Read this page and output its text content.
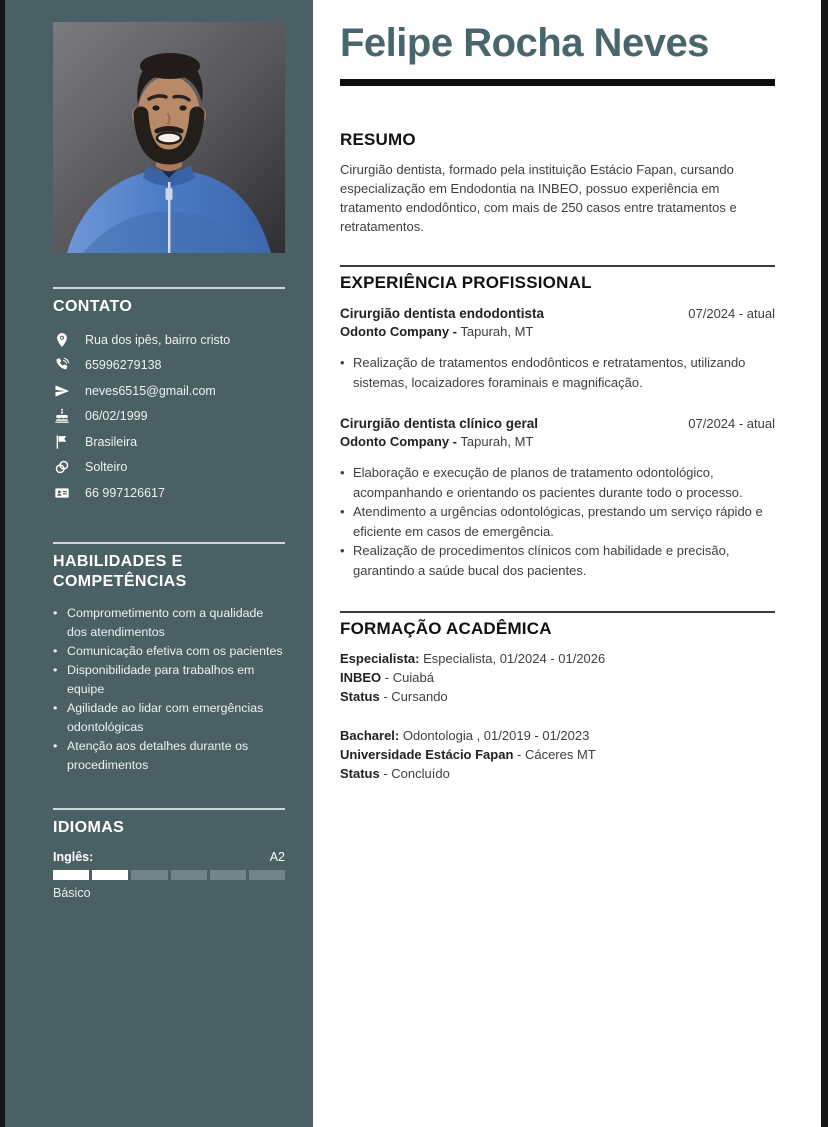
CONTATO
Rua dos ipês, bairro cristo
65996279138
neves6515@gmail.com
06/02/1999
Brasileira
Solteiro
66 997126617
HABILIDADES E COMPETÊNCIAS
• Comprometimento com a qualidade dos atendimentos
• Comunicação efetiva com os pacientes
• Disponibilidade para trabalhos em equipe
• Agilidade ao lidar com emergências odontológicas
• Atenção aos detalhes durante os procedimentos
IDIOMAS
Inglês:	A2
Básico
Felipe Rocha Neves
RESUMO

Cirurgião dentista, formado pela instituição Estácio Fapan, cursando especialização em Endodontia na INBEO, possuo experiência em tratamento endodôntico, com mais de 250 casos entre tratamentos e retratamentos.

EXPERIÊNCIA PROFISSIONAL
Cirurgião dentista endodontista	07/2024 - atual
Odonto Company - Tapurah, MT
• Realização de tratamentos endodônticos e retratamentos, utilizando sistemas, locaizadores foraminais e magnificação.
Cirurgião dentista clínico geral	07/2024 - atual
Odonto Company - Tapurah, MT
• Elaboração e execução de planos de tratamento odontológico, acompanhando e orientando os pacientes durante todo o processo.
• Atendimento a urgências odontológicas, prestando um serviço rápido e eficiente em casos de emergência.
• Realização de procedimentos clínicos com habilidade e precisão, garantindo a saúde bucal dos pacientes.
FORMAÇÃO ACADÊMICA
Especialista: Especialista, 01/2024 - 01/2026
INBEO - Cuiabá
Status - Cursando
Bacharel: Odontologia , 01/2019 - 01/2023
Universidade Estácio Fapan - Cáceres MT
Status - Concluído
